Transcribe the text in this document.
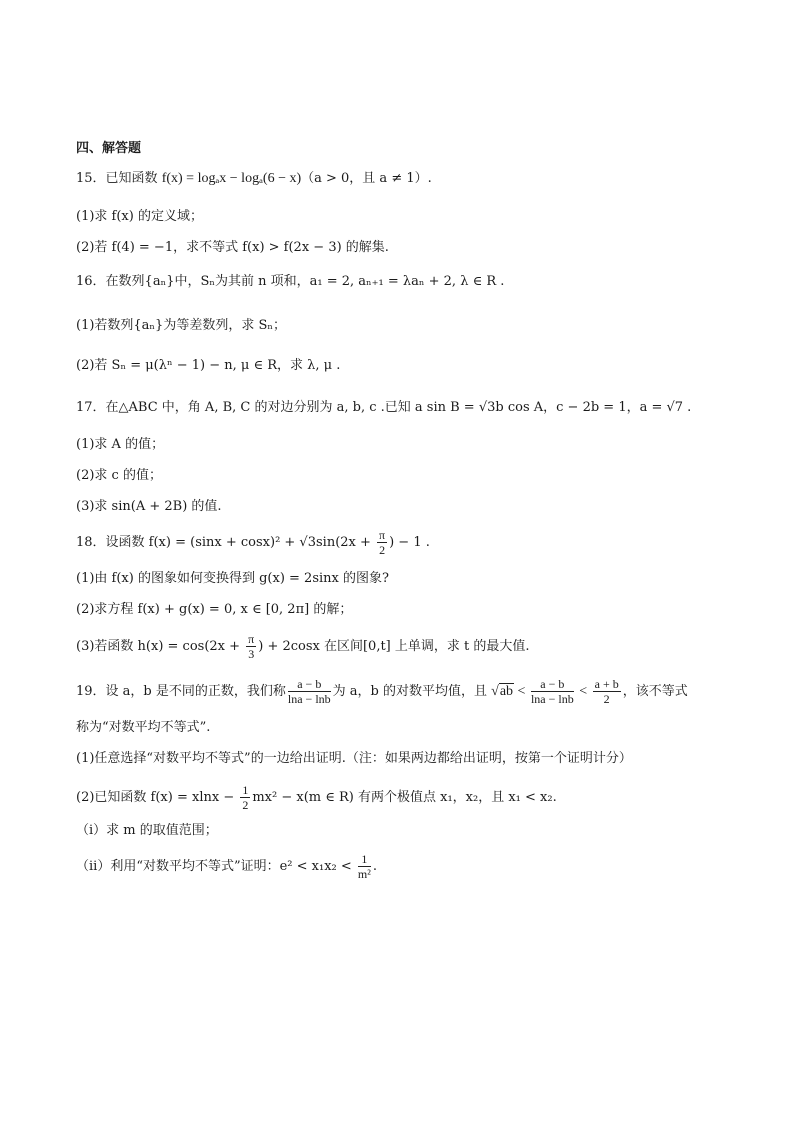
四、解答题
15．已知函数 f(x) = logₐx − logₐ(6 − x)（a > 0，且 a ≠ 1）.
(1)求 f(x) 的定义域；
(2)若 f(4) = −1，求不等式 f(x) > f(2x − 3) 的解集.
16．在数列{aₙ}中，Sₙ为其前 n 项和，a₁ = 2, aₙ₊₁ = λaₙ + 2, λ ∈ R .
(1)若数列{aₙ}为等差数列，求 Sₙ；
(2)若 Sₙ = μ(λⁿ − 1) − n, μ ∈ R，求 λ, μ .
17．在△ABC 中，角 A, B, C 的对边分别为 a, b, c .已知 a sin B = √3b cos A，c − 2b = 1，a = √7 .
(1)求 A 的值；
(2)求 c 的值；
(3)求 sin(A + 2B) 的值.
18．设函数 $f(x) = (\sin x + \cos x)^2 + √3\sin(2x + \frac{\pi}{2}$ ) − 1 .
(1)由 f(x) 的图象如何变换得到 g(x) = 2sinx 的图象?
(2)求方程 f(x) + g(x) = 0, x ∈ [0, 2π] 的解；
(3)若函数 $h(x) = \cos(2x + \frac{\pi}{3}$ ) + 2cosx 在区间[0,t] 上单调，求 t 的最大值.
19．设 a，b 是不同的正数，我们称 $\frac{a - b}{\ln a - \ln b}$ 为 a，b 的对数平均值，且 $√ab < \frac{a - b}{\ln a - \ln b} < \frac{a + b}{2}$ ，该不等式
称为“对数平均不等式”.
(1)任意选择“对数平均不等式”的一边给出证明.（注：如果两边都给出证明，按第一个证明计分）
(2)已知函数 $f(x) = xlnx - \frac{1}{2} mx^2 - x(m$ ∈ R) 有两个极值点 x₁，x₂，且 x₁ < x₂.
（i）求 m 的取值范围；
（ii）利用“对数平均不等式”证明：$e^2 < x_1x_2 < \frac{1}{\text{m²}}$ .
